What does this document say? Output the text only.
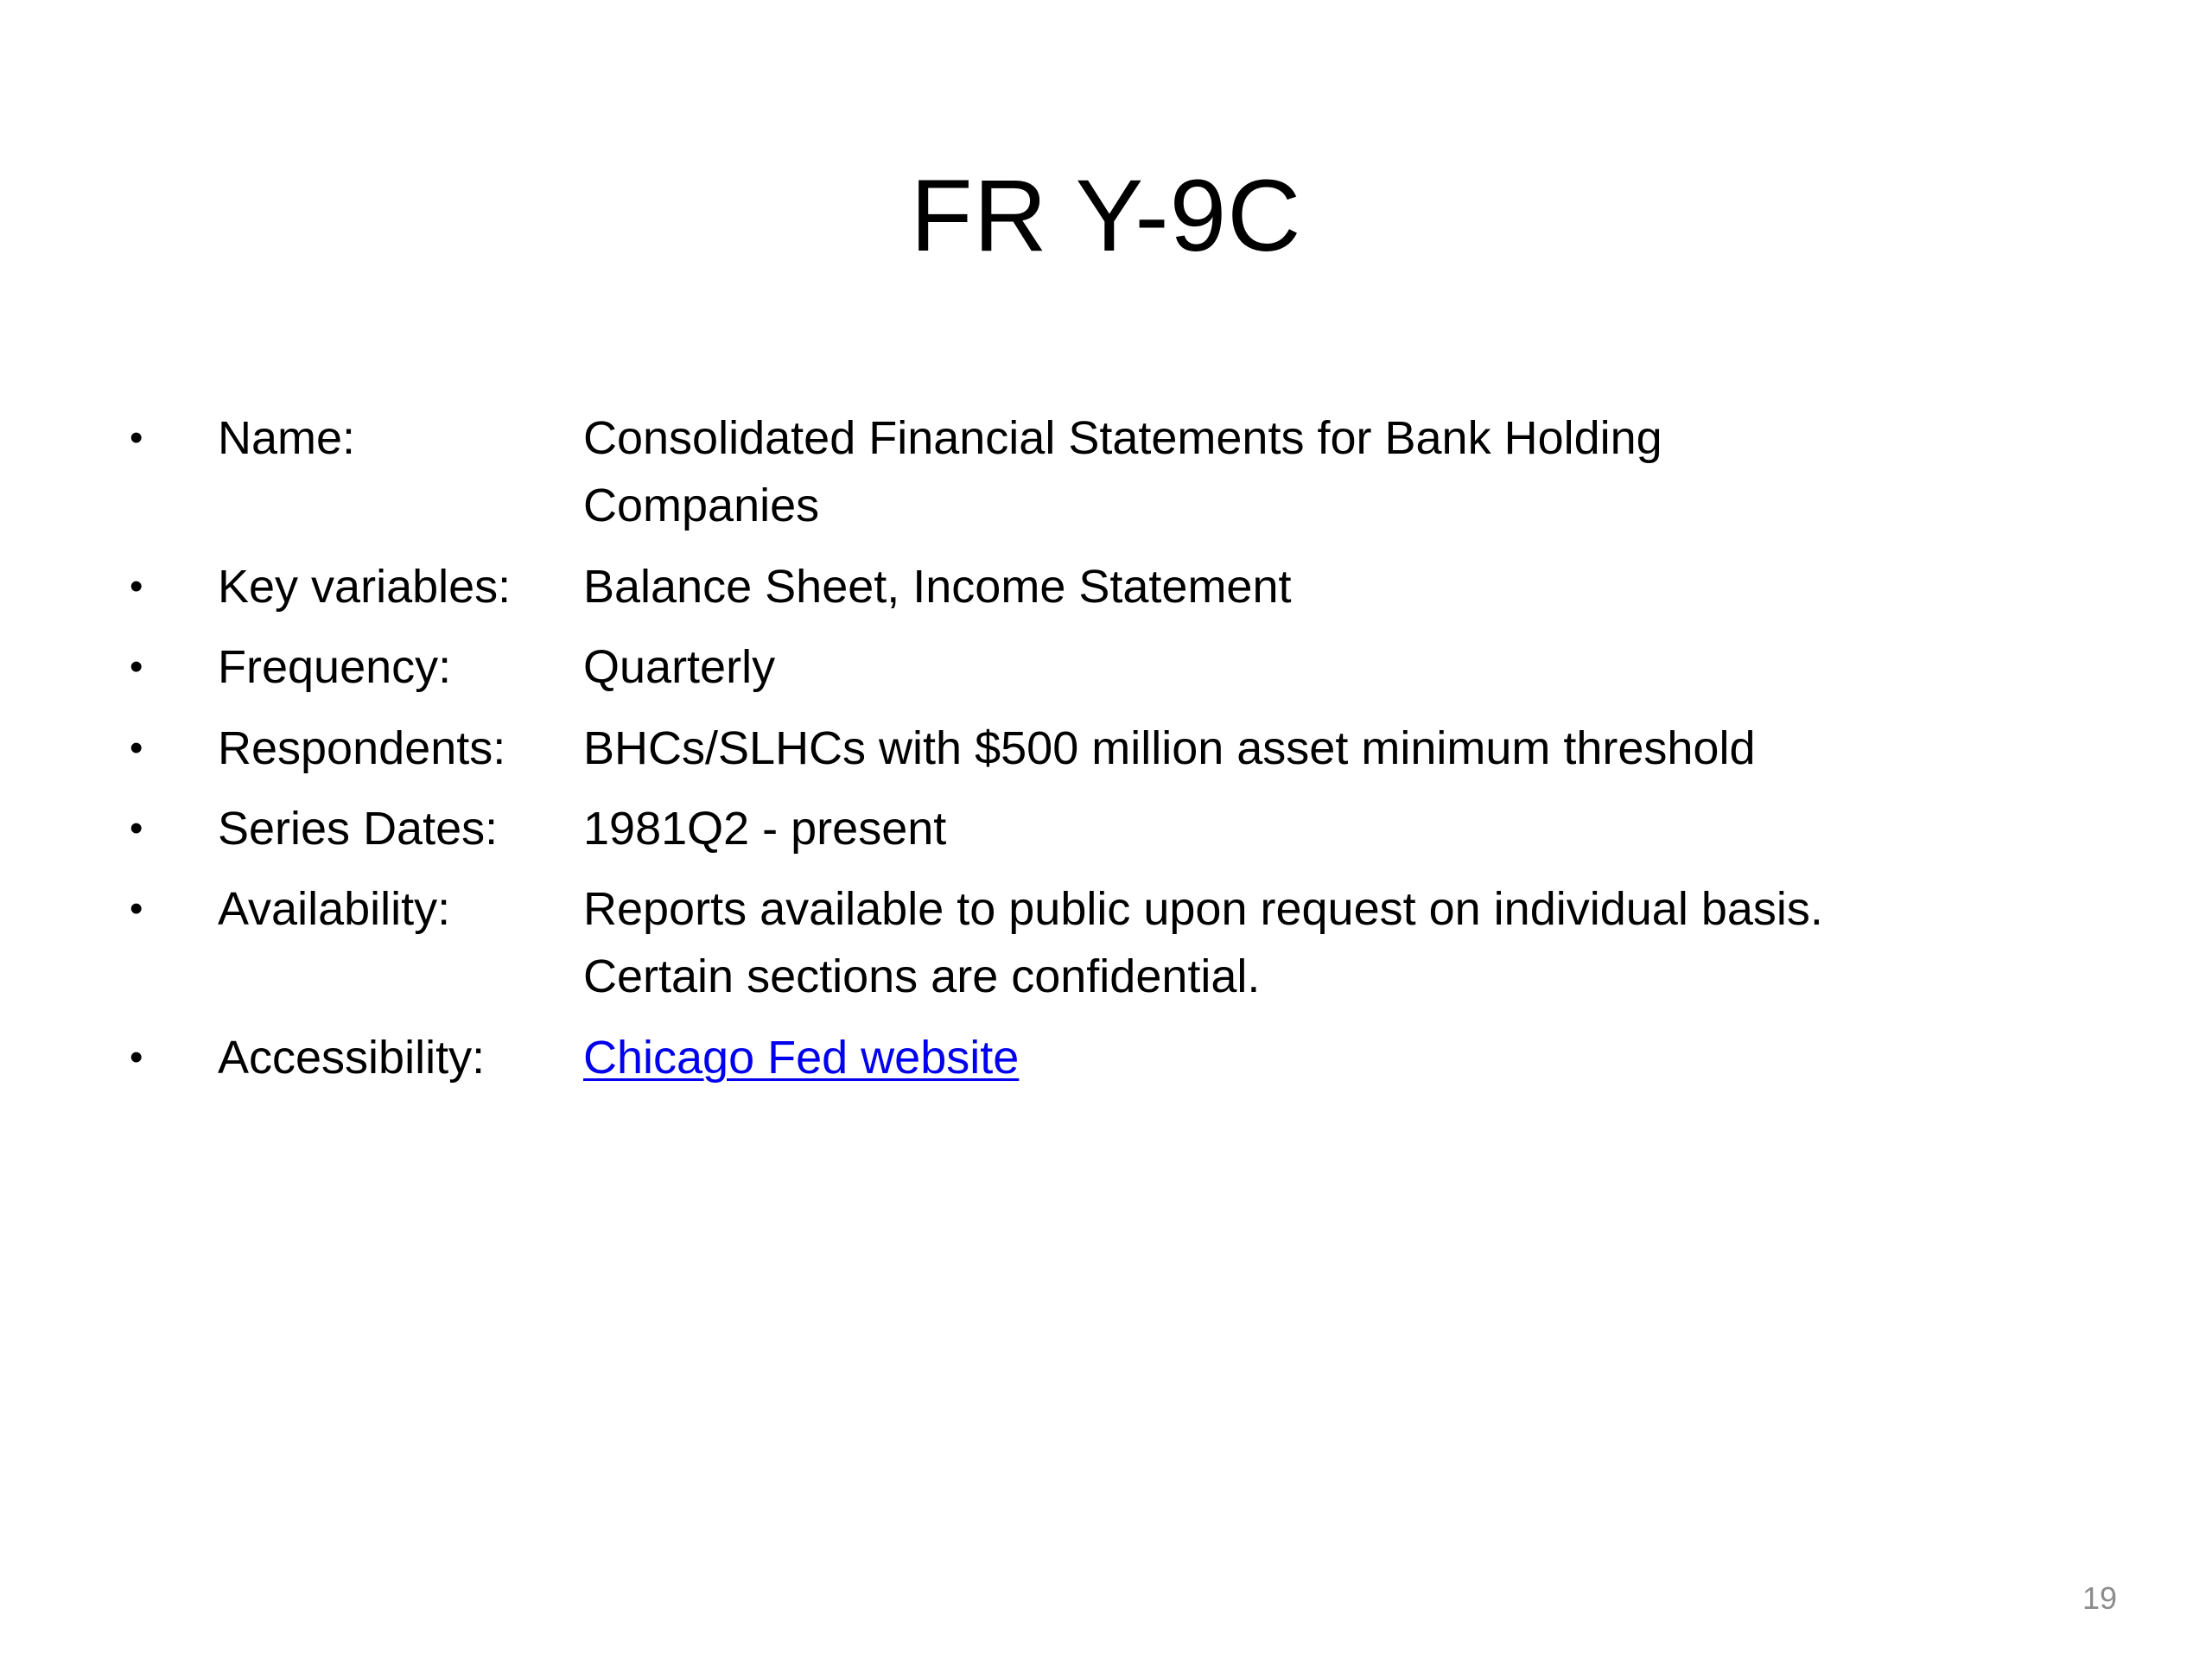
FR Y-9C
•	Name:	Consolidated Financial Statements for Bank Holding Companies
•	Key variables: Balance Sheet, Income Statement
•	Frequency:	Quarterly
•	Respondents: BHCs/SLHCs with $500 million asset minimum threshold
•	Series Dates: 1981Q2 - present
•	Availability:	Reports available to public upon request on individual basis. Certain sections are confidential.
•	Accessibility: Chicago Fed website
19
